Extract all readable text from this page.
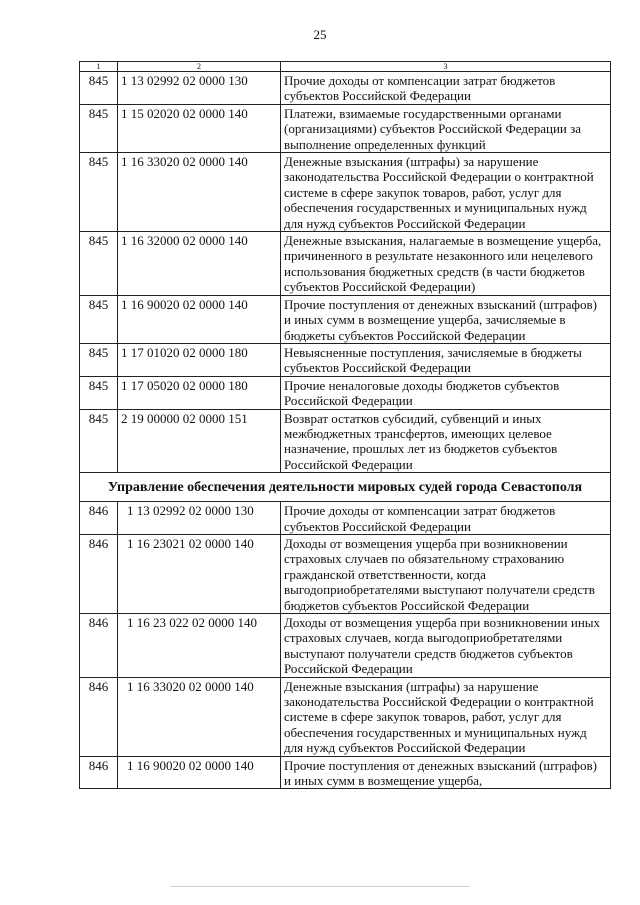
25
1	2	3
845	1 13 02992 02 0000 130	Прочие доходы от компенсации затрат бюджетов субъектов Российской Федерации
845	1 15 02020 02 0000 140	Платежи, взимаемые государственными органами (организациями) субъектов Российской Федерации за выполнение определенных функций
845	1 16 33020 02 0000 140	Денежные взыскания (штрафы) за нарушение законодательства Российской Федерации о контрактной системе в сфере закупок товаров, работ, услуг для обеспечения государственных и муниципальных нужд для нужд субъектов Российской Федерации
845	1 16 32000 02 0000 140	Денежные взыскания, налагаемые в возмещение ущерба, причиненного в результате незаконного или нецелевого использования бюджетных средств (в части бюджетов субъектов Российской Федерации)
845	1 16 90020 02 0000 140	Прочие поступления от денежных взысканий (штрафов) и иных сумм в возмещение ущерба, зачисляемые в бюджеты субъектов Российской Федерации
845	1 17 01020 02 0000 180	Невыясненные поступления, зачисляемые в бюджеты субъектов Российской Федерации
845	1 17 05020 02 0000 180	Прочие неналоговые доходы бюджетов субъектов Российской Федерации
845	2 19 00000 02 0000 151	Возврат остатков субсидий, субвенций и иных межбюджетных трансфертов, имеющих целевое назначение, прошлых лет из бюджетов субъектов Российской Федерации
Управление обеспечения деятельности мировых судей города Севастополя		
846	1 13 02992 02 0000 130	Прочие доходы от компенсации затрат бюджетов субъектов Российской Федерации
846	1 16 23021 02 0000 140	Доходы от возмещения ущерба при возникновении страховых случаев по обязательному страхованию гражданской ответственности, когда выгодоприобретателями выступают получатели средств бюджетов субъектов Российской Федерации
846	1 16 23 022 02 0000 140	Доходы от возмещения ущерба при возникновении иных страховых случаев, когда выгодоприобретателями выступают получатели средств бюджетов субъектов Российской Федерации
846	1 16 33020 02 0000 140	Денежные взыскания (штрафы) за нарушение законодательства Российской Федерации о контрактной системе в сфере закупок товаров, работ, услуг для обеспечения государственных и муниципальных нужд для нужд субъектов Российской Федерации
846	1 16 90020 02 0000 140	Прочие поступления от денежных взысканий (штрафов) и иных сумм в возмещение ущерба,
